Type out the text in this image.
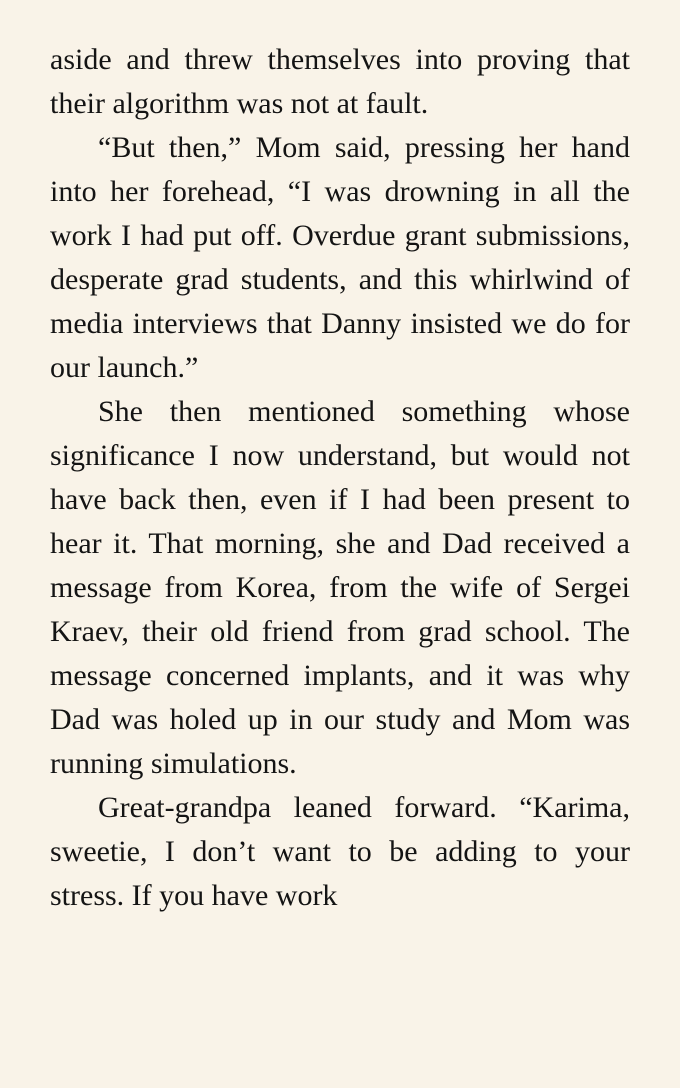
aside and threw themselves into proving that their algorithm was not at fault.

“But then,” Mom said, pressing her hand into her forehead, “I was drowning in all the work I had put off. Overdue grant submissions, desperate grad students, and this whirlwind of media interviews that Danny insisted we do for our launch.”

She then mentioned something whose significance I now understand, but would not have back then, even if I had been present to hear it. That morning, she and Dad received a message from Korea, from the wife of Sergei Kraev, their old friend from grad school. The message concerned implants, and it was why Dad was holed up in our study and Mom was running simulations.

Great-grandpa leaned forward. “Karima, sweetie, I don’t want to be adding to your stress. If you have work
